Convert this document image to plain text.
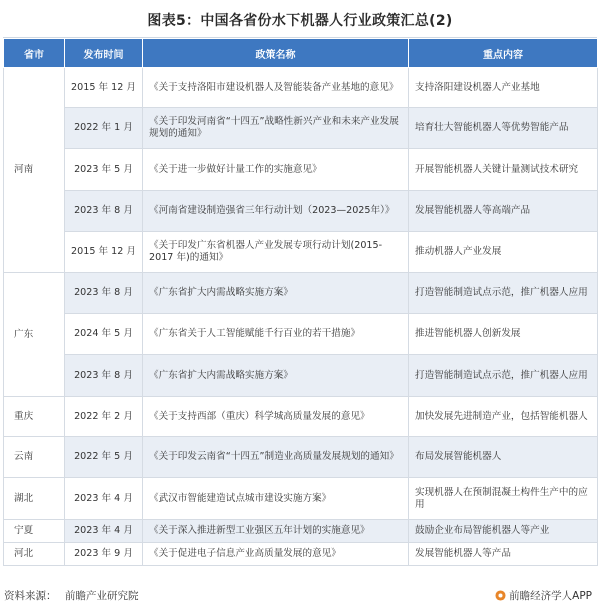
图表5：中国各省份水下机器人行业政策汇总(2)
省市	发布时间	政策名称	重点内容
河南	2015 年 12 月	《关于支持洛阳市建设机器人及智能装备产业基地的意见》	支持洛阳建设机器人产业基地
	2022 年 1 月	《关于印发河南省“十四五”战略性新兴产业和未来产业发展规划的通知》	培育壮大智能机器人等优势智能产品
	2023 年 5 月	《关于进一步做好计量工作的实施意见》	开展智能机器人关键计量测试技术研究
	2023 年 8 月	《河南省建设制造强省三年行动计划（2023—2025年）》	发展智能机器人等高端产品
	2015 年 12 月	《关于印发广东省机器人产业发展专项行动计划(2015-2017 年)的通知》	推动机器人产业发展
广东	2023 年 8 月	《广东省扩大内需战略实施方案》	打造智能制造试点示范，推广机器人应用
	2024 年 5 月	《广东省关于人工智能赋能千行百业的若干措施》	推进智能机器人创新发展
	2023 年 8 月	《广东省扩大内需战略实施方案》	打造智能制造试点示范，推广机器人应用
重庆	2022 年 2 月	《关于支持西部（重庆）科学城高质量发展的意见》	加快发展先进制造产业，包括智能机器人
云南	2022 年 5 月	《关于印发云南省“十四五”制造业高质量发展规划的通知》	布局发展智能机器人
湖北	2023 年 4 月	《武汉市智能建造试点城市建设实施方案》	实现机器人在预制混凝土构件生产中的应用
宁夏	2023 年 4 月	《关于深入推进新型工业强区五年计划的实施意见》	鼓励企业布局智能机器人等产业
河北	2023 年 9 月	《关于促进电子信息产业高质量发展的意见》	发展智能机器人等产品
资料来源： 前瞻产业研究院	前瞻经济学人APP
